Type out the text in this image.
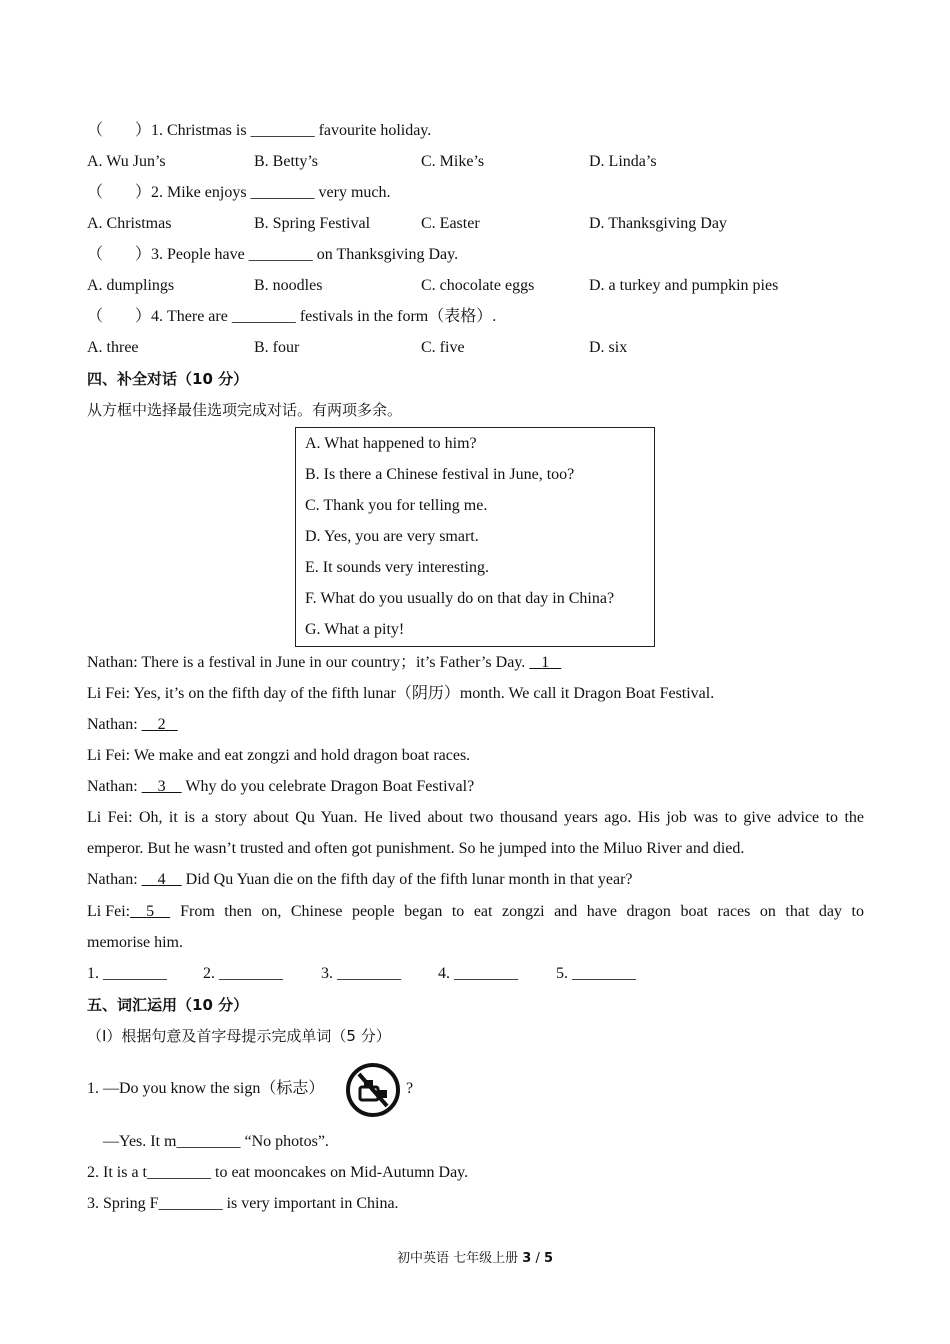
（　　）1. Christmas is ________ favourite holiday.
A. Wu Jun’s	B. Betty’s	C. Mike’s	D. Linda’s
（　　）2. Mike enjoys ________ very much.
A. Christmas	B. Spring Festival	C. Easter	D. Thanksgiving Day
（　　）3. People have ________ on Thanksgiving Day.
A. dumplings	B. noodles	C. chocolate eggs	D. a turkey and pumpkin pies
（　　）4. There are ________ festivals in the form（表格）.
A. three	B. four	C. five	D. six
四、补全对话（10 分）
从方框中选择最佳选项完成对话。有两项多余。
A. What happened to him?
B. Is there a Chinese festival in June, too?
C. Thank you for telling me.
D. Yes, you are very smart.
E. It sounds very interesting.
F. What do you usually do on that day in China?
G. What a pity!
Nathan: There is a festival in June in our country；it’s Father’s Day. 1
Li Fei: Yes, it’s on the fifth day of the fifth lunar（阴历）month. We call it Dragon Boat Festival.
Nathan: 2
Li Fei: We make and eat zongzi and hold dragon boat races.
Nathan: 3 Why do you celebrate Dragon Boat Festival?
Li Fei: Oh, it is a story about Qu Yuan. He lived about two thousand years ago. His job was to give advice to the
emperor. But he wasn’t trusted and often got punishment. So he jumped into the Miluo River and died.
Nathan: 4 Did Qu Yuan die on the fifth day of the fifth lunar month in that year?
Li Fei:	5	From then on, Chinese people began to eat zongzi and have dragon boat races on that day to
memorise him.
1. ________ 2. ________ 3. ________ 4. ________ 5. ________
五、词汇运用（10 分）
（Ⅰ）根据句意及首字母提示完成单词（5 分）
1. —Do you know the sign（标志）	?
—Yes. It m________ “No photos”.
2. It is a t________ to eat mooncakes on Mid-Autumn Day.
3. Spring F________ is very important in China.
初中英语 七年级上册 3 / 5
